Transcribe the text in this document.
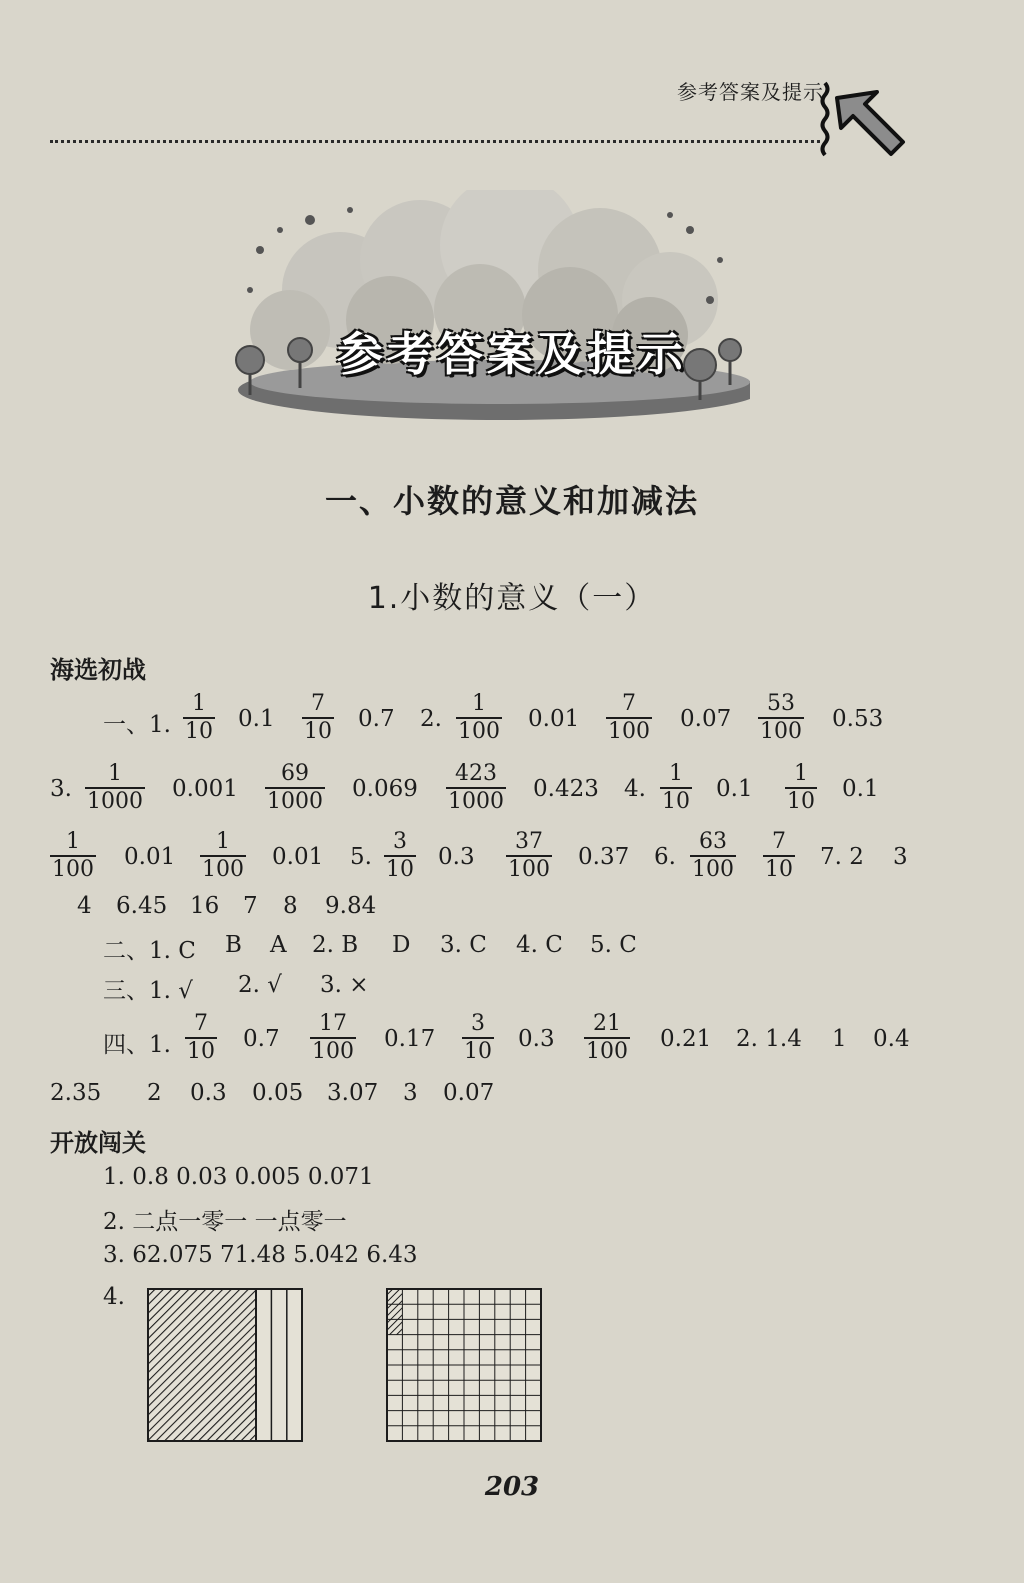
参考答案及提示
参考答案及提示
一、小数的意义和加减法
1.小数的意义（一）
海选初战
一、1. $\frac{1}{10} 0.1 \frac{7}{10} 0.7$ 2. $\frac{1}{100} 0.01 \frac{7}{100} 0.07 \frac{53}{100} 0.53$
3. $\frac{1}{1000} 0.001 \frac{69}{1000} 0.069 \frac{423}{1000} 0.423$ 4. $\frac{1}{10} 0.1 \frac{1}{10} 0.1$
$\frac{1}{100} 0.01 \frac{1}{100} 0.01$ 5. $\frac{3}{10} 0.3 \frac{37}{100} 0.37$ 6. $\frac{63}{100} \frac{7}{10} 7$. 2 3
4 6.45 16 7 8 9.84
二、1. C B A 2. B D 3. C 4. C 5. C
三、1. √ 2. √ 3. ×
四、1. $\frac{7}{10} 0.7 \frac{17}{100} 0.17 \frac{3}{10} 0.3 \frac{21}{100} 0.21$ 2. 1.4 1 0.4
2.35 2 0.3 0.05 3.07 3 0.07
开放闯关
1. 0.8 0.03 0.005 0.071
2. 二点一零一 一点零一
3. 62.075 71.48 5.042 6.43
4.
203
